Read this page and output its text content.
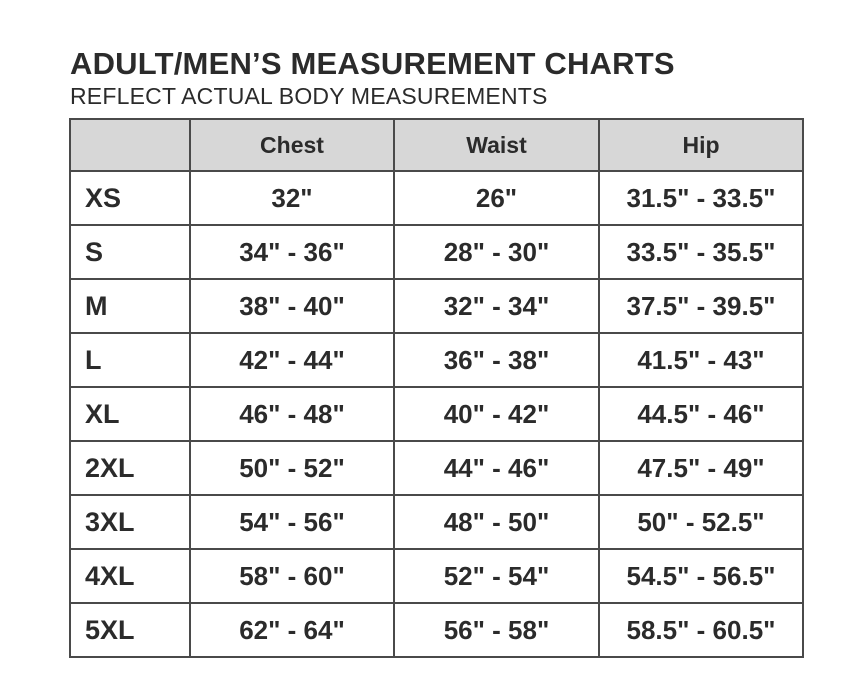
ADULT/MEN’S MEASUREMENT CHARTS
REFLECT ACTUAL BODY MEASUREMENTS
	Chest	Waist	Hip
XS	32"	26"	31.5" - 33.5"
S	34" - 36"	28" - 30"	33.5" - 35.5"
M	38" - 40"	32" - 34"	37.5" - 39.5"
L	42" - 44"	36" - 38"	41.5" - 43"
XL	46" - 48"	40" - 42"	44.5" - 46"
2XL	50" - 52"	44" - 46"	47.5" - 49"
3XL	54" - 56"	48" - 50"	50" - 52.5"
4XL	58" - 60"	52" - 54"	54.5" - 56.5"
5XL	62" - 64"	56" - 58"	58.5" - 60.5"
